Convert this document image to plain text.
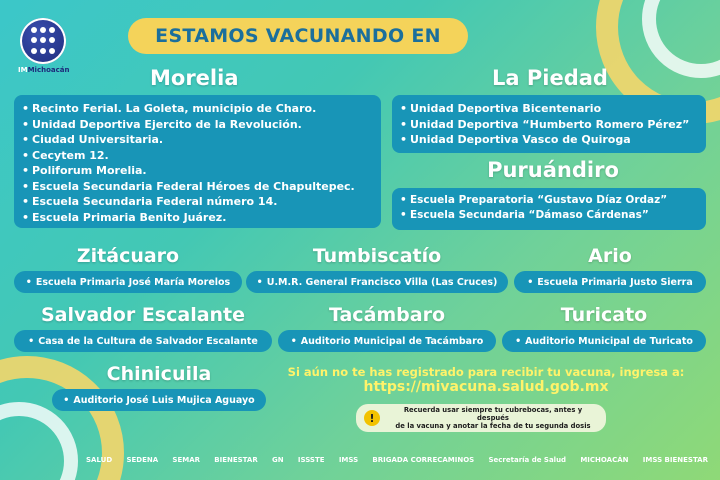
IMMichoacán
ESTAMOS VACUNANDO EN
Morelia
• Recinto Ferial. La Goleta, municipio de Charo.
• Unidad Deportiva Ejercito de la Revolución.
• Ciudad Universitaria.
• Cecytem 12.
• Poliforum Morelia.
• Escuela Secundaria Federal Héroes de Chapultepec.
• Escuela Secundaria Federal número 14.
• Escuela Primaria Benito Juárez.
La Piedad
• Unidad Deportiva Bicentenario
• Unidad Deportiva “Humberto Romero Pérez”
• Unidad Deportiva Vasco de Quiroga
Puruándiro
• Escuela Preparatoria “Gustavo Díaz Ordaz”
• Escuela Secundaria “Dámaso Cárdenas”
Zitácuaro
• Escuela Primaria José María Morelos
Tumbiscatío
• U.M.R. General Francisco Villa (Las Cruces)
Ario
• Escuela Primaria Justo Sierra
Salvador Escalante
• Casa de la Cultura de Salvador Escalante
Tacámbaro
• Auditorio Municipal de Tacámbaro
Turicato
• Auditorio Municipal de Turicato
Chinicuila
• Auditorio José Luis Mujica Aguayo
Si aún no te has registrado para recibir tu vacuna, ingresa a:
https://mivacuna.salud.gob.mx
!
Recuerda usar siempre tu cubrebocas, antes y después
de la vacuna y anotar la fecha de tu segunda dosis
SALUD SEDENA SEMAR BIENESTAR GN ISSSTE IMSS BRIGADA CORRECAMINOS Secretaría de Salud MICHOACÁN IMSS BIENESTAR
